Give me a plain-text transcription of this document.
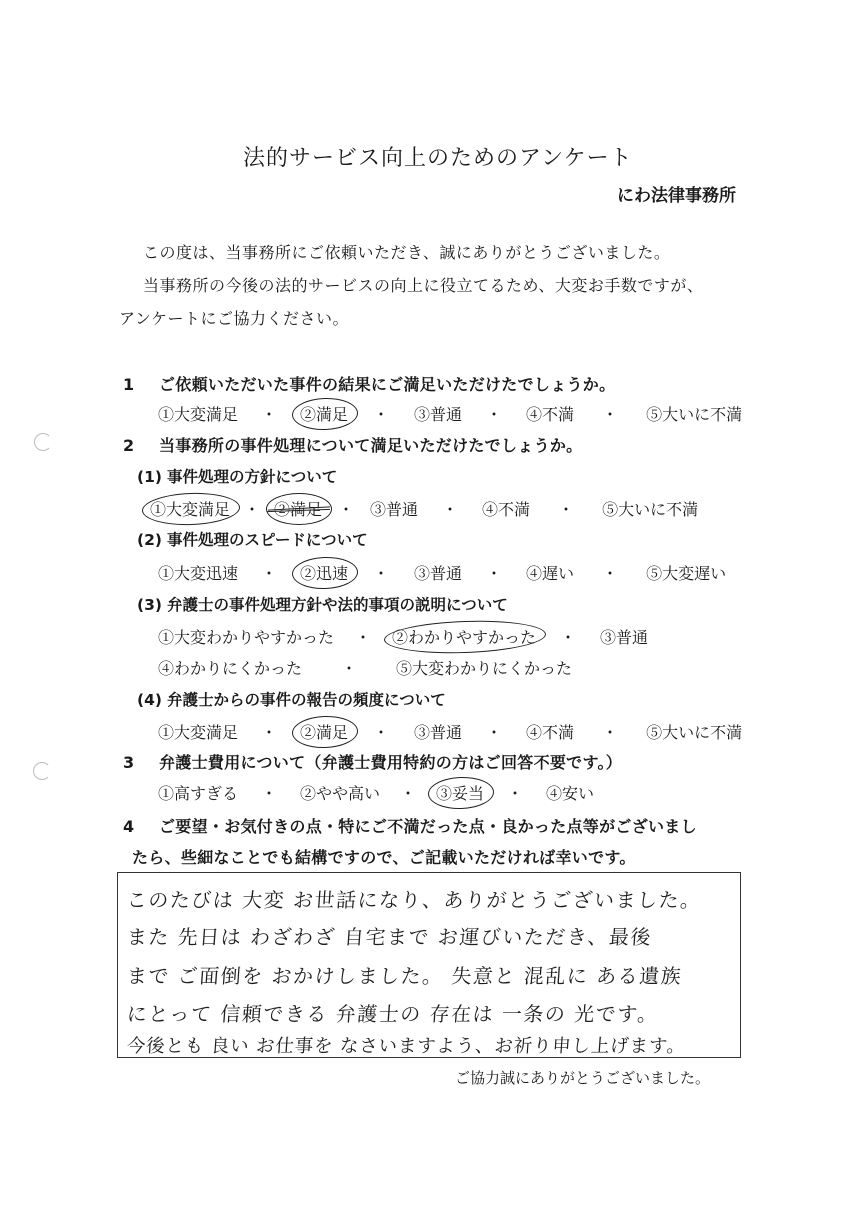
法的サービス向上のためのアンケート
にわ法律事務所
この度は、当事務所にご依頼いただき、誠にありがとうございました。
当事務所の今後の法的サービスの向上に役立てるため、大変お手数ですが、
アンケートにご協力ください。
1 ご依頼いただいた事件の結果にご満足いただけたでしょうか。
①大変満足	・	②満足	・	③普通	・	④不満	・	⑤大いに不満
2 当事務所の事件処理について満足いただけたでしょうか。
(1) 事件処理の方針について
①大変満足 ・ ②満足 ・	③普通	・	④不満	・	⑤大いに不満
(2) 事件処理のスピードについて
①大変迅速	・	②迅速	・	③普通	・	④遅い	・	⑤大変遅い
(3) 弁護士の事件処理方針や法的事項の説明について
①大変わかりやすかった	・	②わかりやすかった	・	③普通
④わかりにくかった	・	⑤大変わかりにくかった
(4) 弁護士からの事件の報告の頻度について
①大変満足	・	②満足	・	③普通	・	④不満	・	⑤大いに不満
3 弁護士費用について（弁護士費用特約の方はご回答不要です。）
①高すぎる	・	②やや高い	・	③妥当	・	④安い
4 ご要望・お気付きの点・特にご不満だった点・良かった点等がございまし
たら、些細なことでも結構ですので、ご記載いただければ幸いです。
このたびは 大変 お世話になり、ありがとうございました。
また 先日は わざわざ 自宅まで お運びいただき、最後
まで ご面倒を おかけしました。 失意と 混乱に ある遺族
にとって 信頼できる 弁護士の 存在は 一条の 光です。
今後とも 良い お仕事を なさいますよう、お祈り申し上げます。
ご協力誠にありがとうございました。
